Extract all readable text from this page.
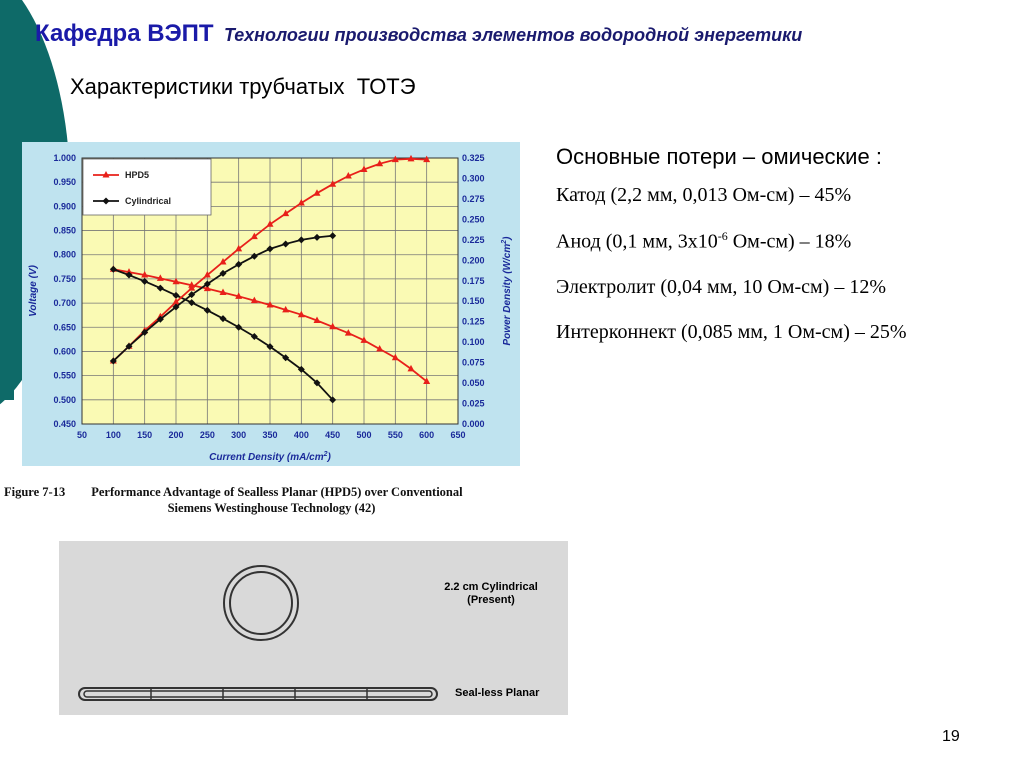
Кафедра ВЭПТ Технологии производства элементов водородной энергетики
Характеристики трубчатых  ТОТЭ
50 100 150 200 250 300 350 400 450 500 550 600 650
1.000
0.950
0.900
0.850
0.800
0.750
0.700
0.650
0.600
0.550
0.500
0.450
0.325
0.300
0.275
0.250
0.225
0.200
0.175
0.150
0.125
0.100
0.075
0.050
0.025
0.000
Current Density $(mA/cm^2)$
Voltage (V)	Power Density $(W/cm^2)$
HPD5
Cylindrical
Figure 7-13 Performance Advantage of Sealless Planar (HPD5) over Conventional
Siemens Westinghouse Technology (42)
Основные потери – омические :
Катод (2,2 мм, 0,013 Ом-см) – 45%
Анод (0,1 мм, $3х10^{-6}$ Ом-см) – 18%
Электролит (0,04 мм, 10 Ом-см) – 12%
Интерконнект (0,085 мм, 1 Ом-см) – 25%
2.2 cm Cylindrical
(Present)
Seal-less Planar
19
